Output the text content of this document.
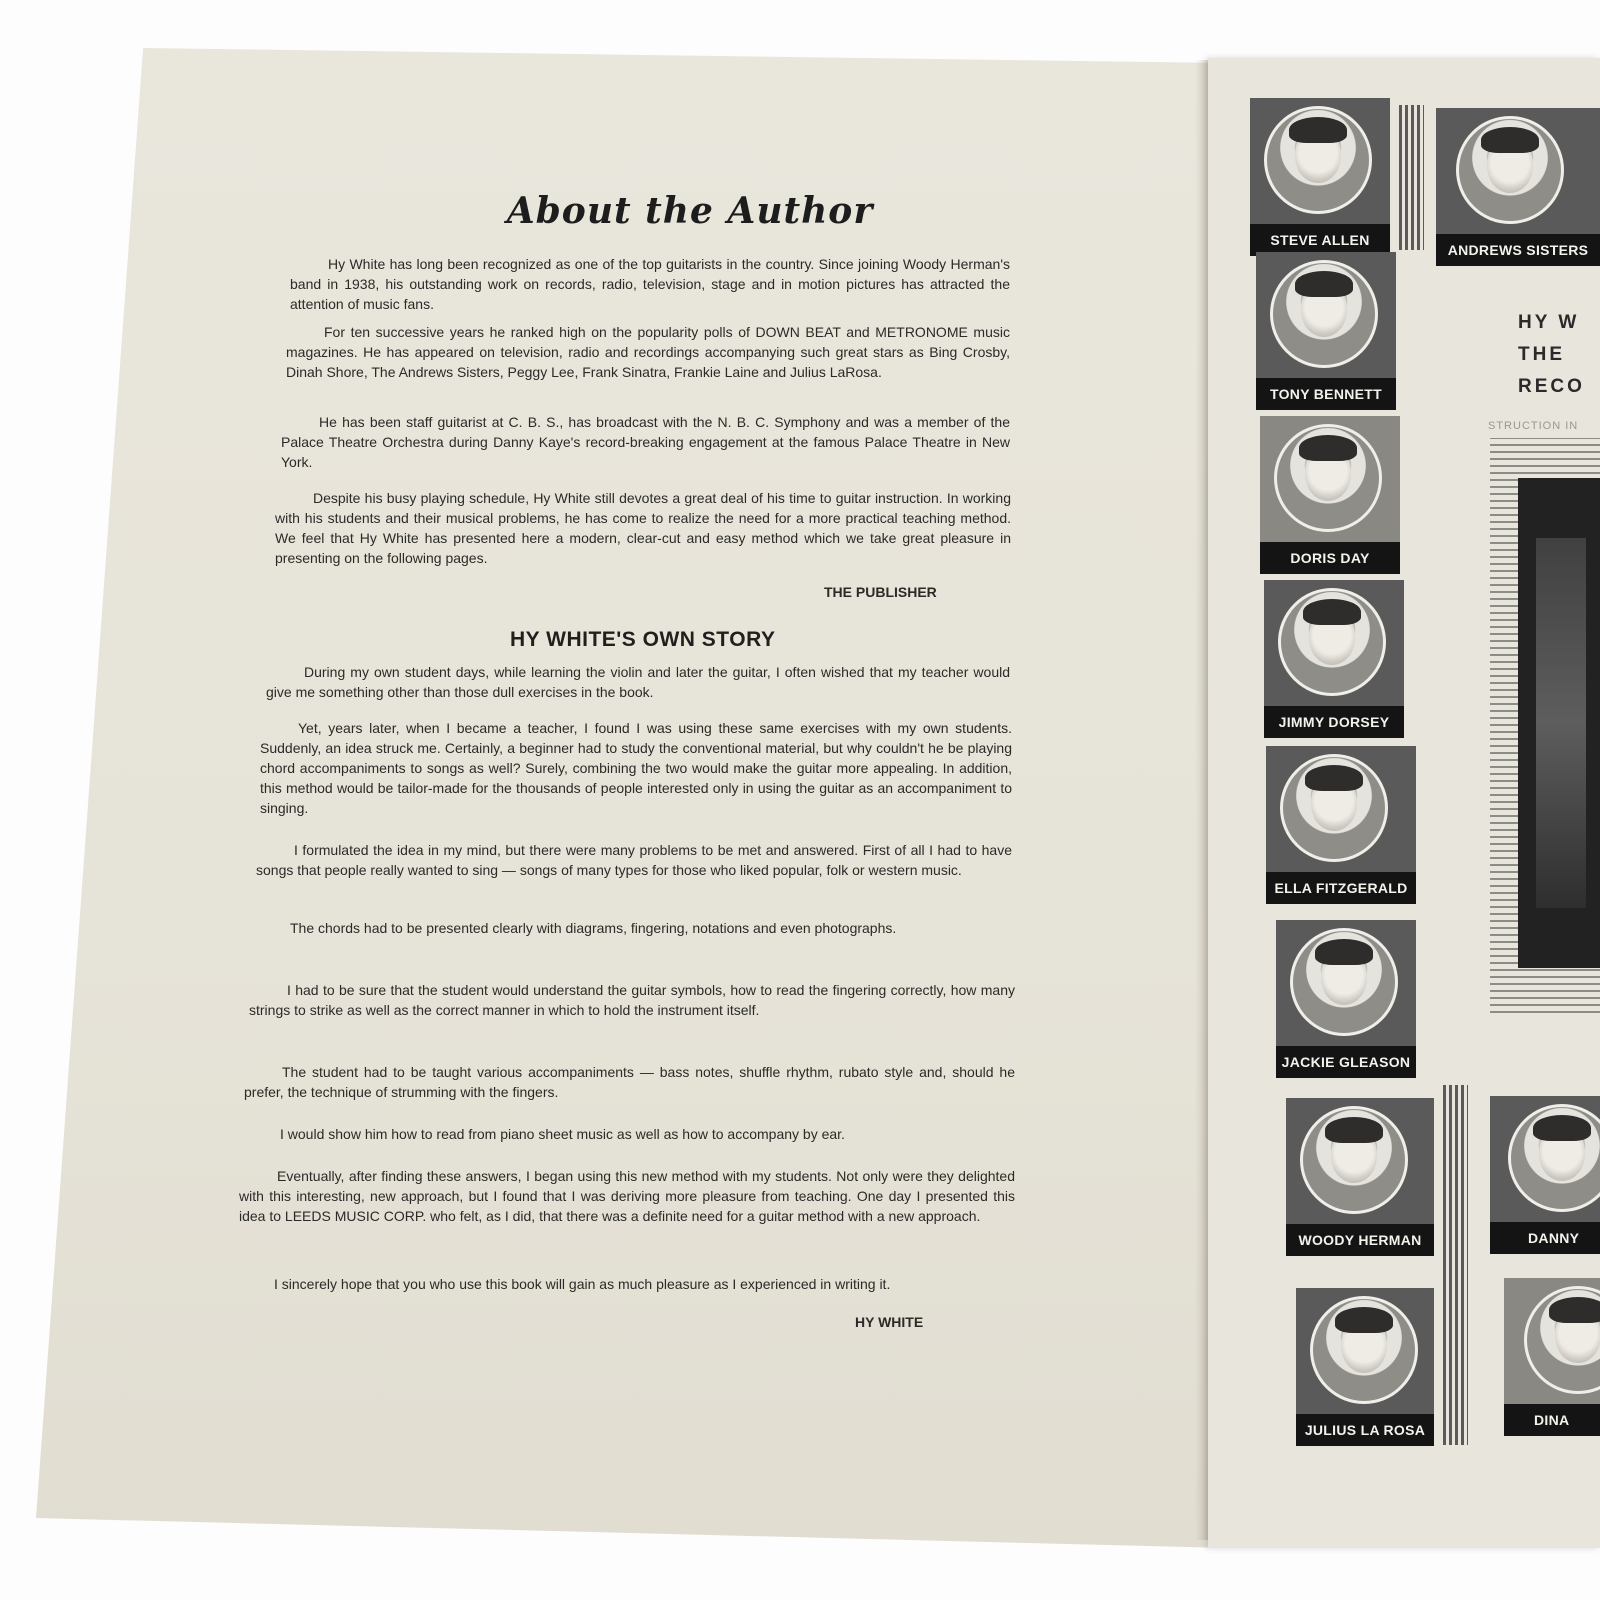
About the Author

Hy White has long been recognized as one of the top guitarists in the country. Since joining Woody Herman's band in 1938, his outstanding work on records, radio, television, stage and in motion pictures has attracted the attention of music fans.

For ten successive years he ranked high on the popularity polls of DOWN BEAT and METRONOME music magazines. He has appeared on television, radio and recordings accompanying such great stars as Bing Crosby, Dinah Shore, The Andrews Sisters, Peggy Lee, Frank Sinatra, Frankie Laine and Julius LaRosa.

He has been staff guitarist at C. B. S., has broadcast with the N. B. C. Symphony and was a member of the Palace Theatre Orchestra during Danny Kaye's record-breaking engagement at the famous Palace Theatre in New York.

Despite his busy playing schedule, Hy White still devotes a great deal of his time to guitar instruction. In working with his students and their musical problems, he has come to realize the need for a more practical teaching method. We feel that Hy White has presented here a modern, clear-cut and easy method which we take great pleasure in presenting on the following pages.

THE PUBLISHER
HY WHITE'S OWN STORY

During my own student days, while learning the violin and later the guitar, I often wished that my teacher would give me something other than those dull exercises in the book.

Yet, years later, when I became a teacher, I found I was using these same exercises with my own students. Suddenly, an idea struck me. Certainly, a beginner had to study the conventional material, but why couldn't he be playing chord accompaniments to songs as well? Surely, combining the two would make the guitar more appealing. In addition, this method would be tailor-made for the thousands of people interested only in using the guitar as an accompaniment to singing.

I formulated the idea in my mind, but there were many problems to be met and answered. First of all I had to have songs that people really wanted to sing — songs of many types for those who liked popular, folk or western music.

The chords had to be presented clearly with diagrams, fingering, notations and even photographs.

I had to be sure that the student would understand the guitar symbols, how to read the fingering correctly, how many strings to strike as well as the correct manner in which to hold the instrument itself.

The student had to be taught various accompaniments — bass notes, shuffle rhythm, rubato style and, should he prefer, the technique of strumming with the fingers.

I would show him how to read from piano sheet music as well as how to accompany by ear.

Eventually, after finding these answers, I began using this new method with my students. Not only were they delighted with this interesting, new approach, but I found that I was deriving more pleasure from teaching. One day I presented this idea to LEEDS MUSIC CORP. who felt, as I did, that there was a definite need for a guitar method with a new approach.

I sincerely hope that you who use this book will gain as much pleasure as I experienced in writing it.

HY WHITE
HY W
THE
RECO
STRUCTION IN
STEVE ALLEN
ANDREWS SISTERS
TONY BENNETT
DORIS DAY
JIMMY DORSEY
ELLA FITZGERALD
JACKIE GLEASON
WOODY HERMAN	DANNY
JULIUS LA ROSA
DINA
